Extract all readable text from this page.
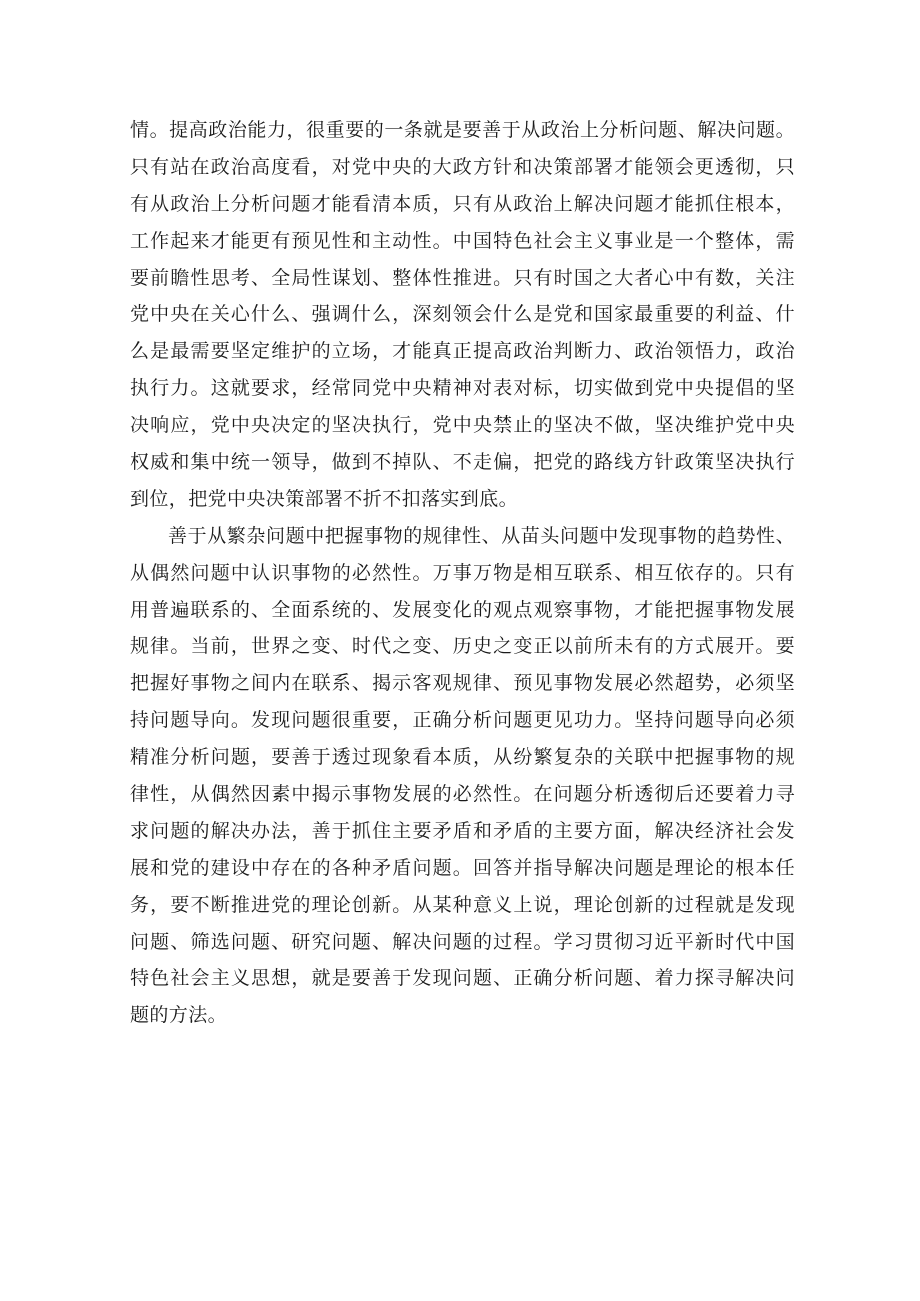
情。提高政治能力，很重要的一条就是要善于从政治上分析问题、解决问题。
只有站在政治高度看，对党中央的大政方针和决策部署才能领会更透彻，只
有从政治上分析问题才能看清本质，只有从政治上解决问题才能抓住根本，
工作起来才能更有预见性和主动性。中国特色社会主义事业是一个整体，需
要前瞻性思考、全局性谋划、整体性推进。只有时国之大者心中有数，关注
党中央在关心什么、强调什么，深刻领会什么是党和国家最重要的利益、什
么是最需要坚定维护的立场，才能真正提高政治判断力、政治领悟力，政治
执行力。这就要求，经常同党中央精神对表对标，切实做到党中央提倡的坚
决响应，党中央决定的坚决执行，党中央禁止的坚决不做，坚决维护党中央
权威和集中统一领导，做到不掉队、不走偏，把党的路线方针政策坚决执行
到位，把党中央决策部署不折不扣落实到底。
善于从繁杂问题中把握事物的规律性、从苗头问题中发现事物的趋势性、
从偶然问题中认识事物的必然性。万事万物是相互联系、相互依存的。只有
用普遍联系的、全面系统的、发展变化的观点观察事物，才能把握事物发展
规律。当前，世界之变、时代之变、历史之变正以前所未有的方式展开。要
把握好事物之间内在联系、揭示客观规律、预见事物发展必然超势，必须坚
持问题导向。发现问题很重要，正确分析问题更见功力。坚持问题导向必须
精准分析问题，要善于透过现象看本质，从纷繁复杂的关联中把握事物的规
律性，从偶然因素中揭示事物发展的必然性。在问题分析透彻后还要着力寻
求问题的解决办法，善于抓住主要矛盾和矛盾的主要方面，解决经济社会发
展和党的建设中存在的各种矛盾问题。回答并指导解决问题是理论的根本任
务，要不断推进党的理论创新。从某种意义上说，理论创新的过程就是发现
问题、筛选问题、研究问题、解决问题的过程。学习贯彻习近平新时代中国
特色社会主义思想，就是要善于发现问题、正确分析问题、着力探寻解决问
题的方法。
